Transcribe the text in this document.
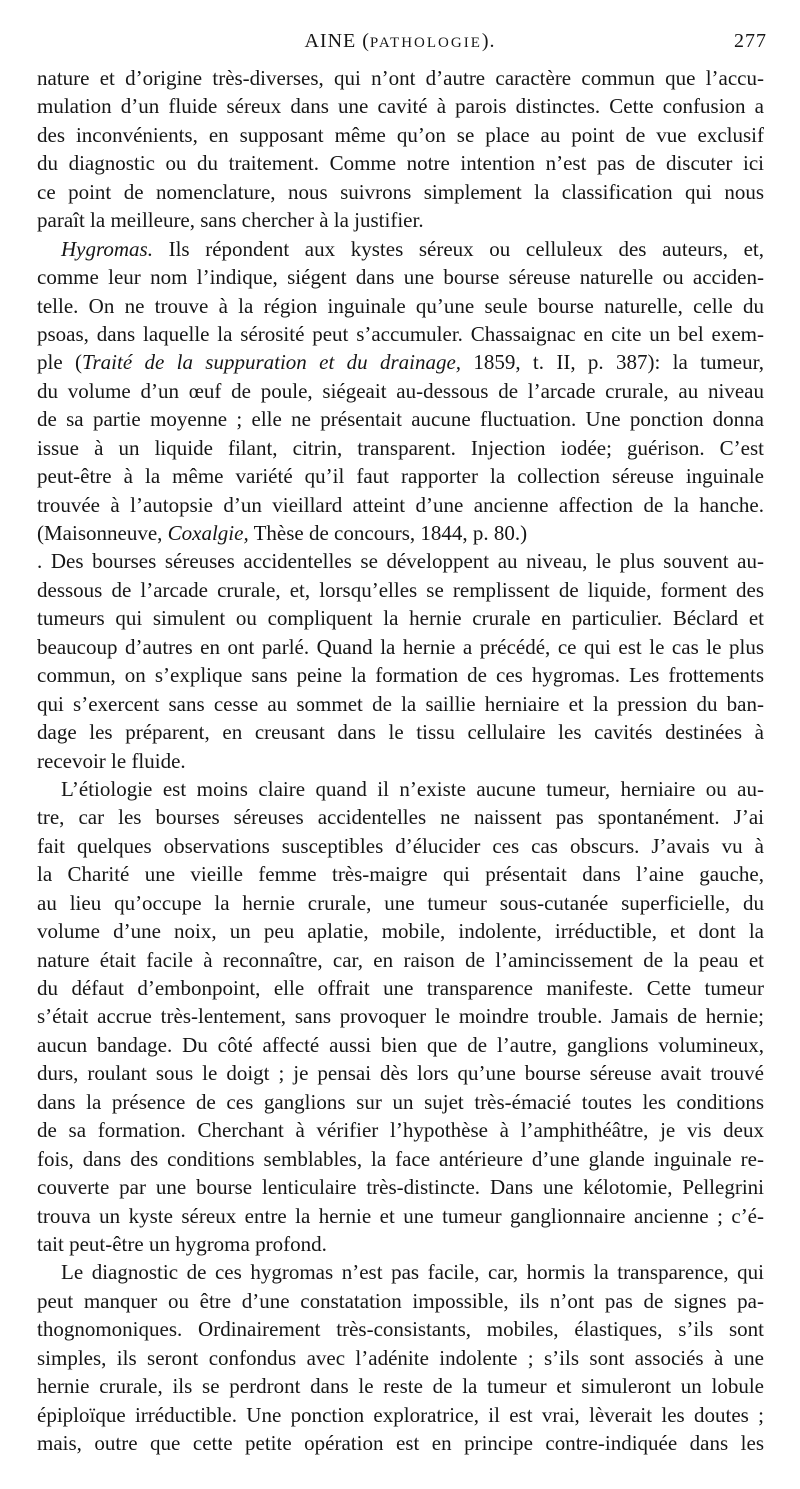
AINE (PATHOLOGIE).	277
nature et d’origine très-diverses, qui n’ont d’autre caractère commun que l’accu-
mulation d’un fluide séreux dans une cavité à parois distinctes. Cette confusion a
des inconvénients, en supposant même qu’on se place au point de vue exclusif
du diagnostic ou du traitement. Comme notre intention n’est pas de discuter ici
ce point de nomenclature, nous suivrons simplement la classification qui nous
paraît la meilleure, sans chercher à la justifier.
Hygromas. Ils répondent aux kystes séreux ou celluleux des auteurs, et,
comme leur nom l’indique, siégent dans une bourse séreuse naturelle ou acciden-
telle. On ne trouve à la région inguinale qu’une seule bourse naturelle, celle du
psoas, dans laquelle la sérosité peut s’accumuler. Chassaignac en cite un bel exem-
ple (Traité de la suppuration et du drainage, 1859, t. II, p. 387): la tumeur,
du volume d’un œuf de poule, siégeait au-dessous de l’arcade crurale, au niveau
de sa partie moyenne ; elle ne présentait aucune fluctuation. Une ponction donna
issue à un liquide filant, citrin, transparent. Injection iodée; guérison. C’est
peut-être à la même variété qu’il faut rapporter la collection séreuse inguinale
trouvée à l’autopsie d’un vieillard atteint d’une ancienne affection de la hanche.
(Maisonneuve, Coxalgie, Thèse de concours, 1844, p. 80.)
. Des bourses séreuses accidentelles se développent au niveau, le plus souvent au-
dessous de l’arcade crurale, et, lorsqu’elles se remplissent de liquide, forment des
tumeurs qui simulent ou compliquent la hernie crurale en particulier. Béclard et
beaucoup d’autres en ont parlé. Quand la hernie a précédé, ce qui est le cas le plus
commun, on s’explique sans peine la formation de ces hygromas. Les frottements
qui s’exercent sans cesse au sommet de la saillie herniaire et la pression du ban-
dage les préparent, en creusant dans le tissu cellulaire les cavités destinées à
recevoir le fluide.
L’étiologie est moins claire quand il n’existe aucune tumeur, herniaire ou au-
tre, car les bourses séreuses accidentelles ne naissent pas spontanément. J’ai
fait quelques observations susceptibles d’élucider ces cas obscurs. J’avais vu à
la Charité une vieille femme très-maigre qui présentait dans l’aine gauche,
au lieu qu’occupe la hernie crurale, une tumeur sous-cutanée superficielle, du
volume d’une noix, un peu aplatie, mobile, indolente, irréductible, et dont la
nature était facile à reconnaître, car, en raison de l’amincissement de la peau et
du défaut d’embonpoint, elle offrait une transparence manifeste. Cette tumeur
s’était accrue très-lentement, sans provoquer le moindre trouble. Jamais de hernie;
aucun bandage. Du côté affecté aussi bien que de l’autre, ganglions volumineux,
durs, roulant sous le doigt ; je pensai dès lors qu’une bourse séreuse avait trouvé
dans la présence de ces ganglions sur un sujet très-émacié toutes les conditions
de sa formation. Cherchant à vérifier l’hypothèse à l’amphithéâtre, je vis deux
fois, dans des conditions semblables, la face antérieure d’une glande inguinale re-
couverte par une bourse lenticulaire très-distincte. Dans une kélotomie, Pellegrini
trouva un kyste séreux entre la hernie et une tumeur ganglionnaire ancienne ; c’é-
tait peut-être un hygroma profond.
Le diagnostic de ces hygromas n’est pas facile, car, hormis la transparence, qui
peut manquer ou être d’une constatation impossible, ils n’ont pas de signes pa-
thognomoniques. Ordinairement très-consistants, mobiles, élastiques, s’ils sont
simples, ils seront confondus avec l’adénite indolente ; s’ils sont associés à une
hernie crurale, ils se perdront dans le reste de la tumeur et simuleront un lobule
épiploïque irréductible. Une ponction exploratrice, il est vrai, lèverait les doutes ;
mais, outre que cette petite opération est en principe contre-indiquée dans les
